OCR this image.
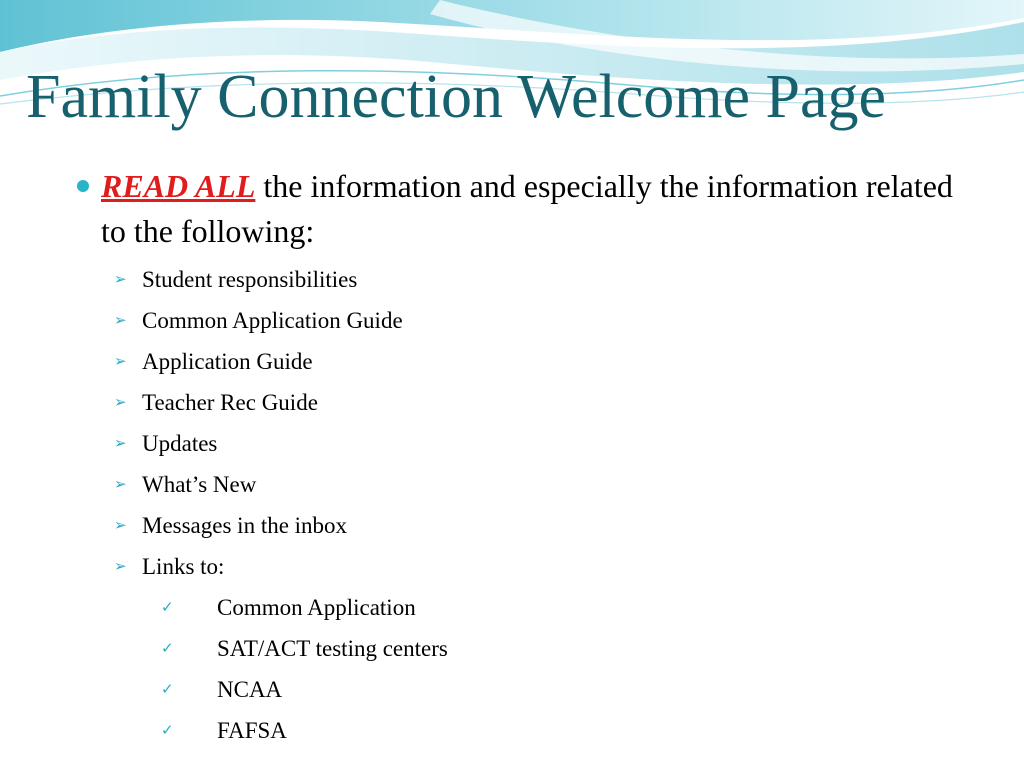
Family Connection Welcome Page
READ ALL the information and especially the information related to the following:
➢ Student responsibilities
➢ Common Application Guide
➢ Application Guide
➢ Teacher Rec Guide
➢ Updates
➢ What’s New
➢ Messages in the inbox
➢ Links to:
✓	Common Application
✓	SAT/ACT testing centers
✓	NCAA
✓	FAFSA
